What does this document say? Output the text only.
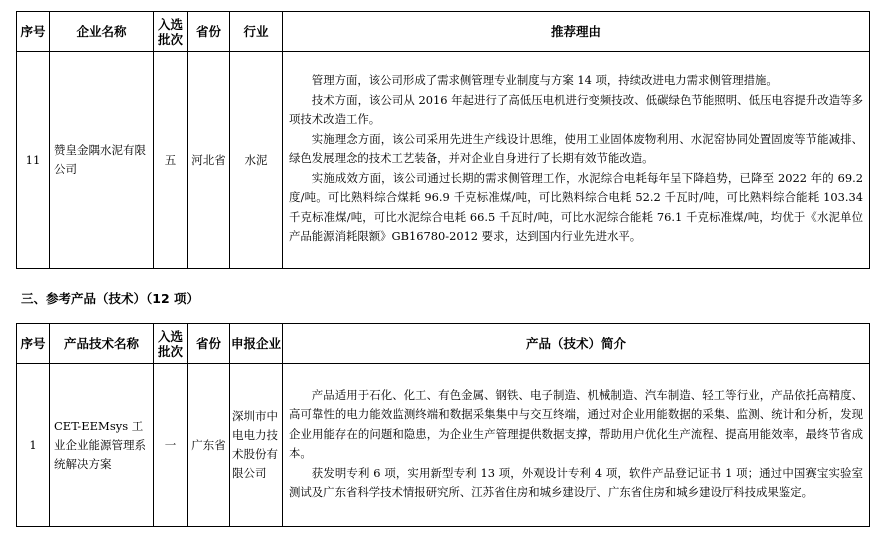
序号	企业名称	入选批次	省份	行业	推荐理由
11	赞皇金隅水泥有限公司	五	河北省	水泥	管理方面，该公司形成了需求侧管理专业制度与方案 14 项，持续改进电力需求侧管理措施。

技术方面，该公司从 2016 年起进行了高低压电机进行变频技改、低碳绿色节能照明、低压电容提升改造等多项技术改造工作。

实施理念方面，该公司采用先进生产线设计思维，使用工业固体废物利用、水泥窑协同处置固废等节能减排、绿色发展理念的技术工艺装备，并对企业自身进行了长期有效节能改造。

实施成效方面，该公司通过长期的需求侧管理工作，水泥综合电耗每年呈下降趋势，已降至 2022 年的 69.2 度/吨。可比熟料综合煤耗 96.9 千克标准煤/吨，可比熟料综合电耗 52.2 千瓦时/吨，可比熟料综合能耗 103.34 千克标准煤/吨，可比水泥综合电耗 66.5 千瓦时/吨，可比水泥综合能耗 76.1 千克标准煤/吨，均优于《水泥单位产品能源消耗限额》GB16780-2012 要求，达到国内行业先进水平。

三、参考产品（技术）（12 项）
序号	产品技术名称	入选批次	省份	申报企业	产品（技术）简介
1	CET-EEMsys 工业企业能源管理系统解决方案	一	广东省	深圳市中电电力技术股份有限公司	产品适用于石化、化工、有色金属、钢铁、电子制造、机械制造、汽车制造、轻工等行业，产品依托高精度、高可靠性的电力能效监测终端和数据采集集中与交互终端，通过对企业用能数据的采集、监测、统计和分析，发现企业用能存在的问题和隐患，为企业生产管理提供数据支撑，帮助用户优化生产流程、提高用能效率，最终节省成本。

获发明专利 6 项，实用新型专利 13 项，外观设计专利 4 项，软件产品登记证书 1 项；通过中国赛宝实验室测试及广东省科学技术情报研究所、江苏省住房和城乡建设厅、广东省住房和城乡建设厅科技成果鉴定。
